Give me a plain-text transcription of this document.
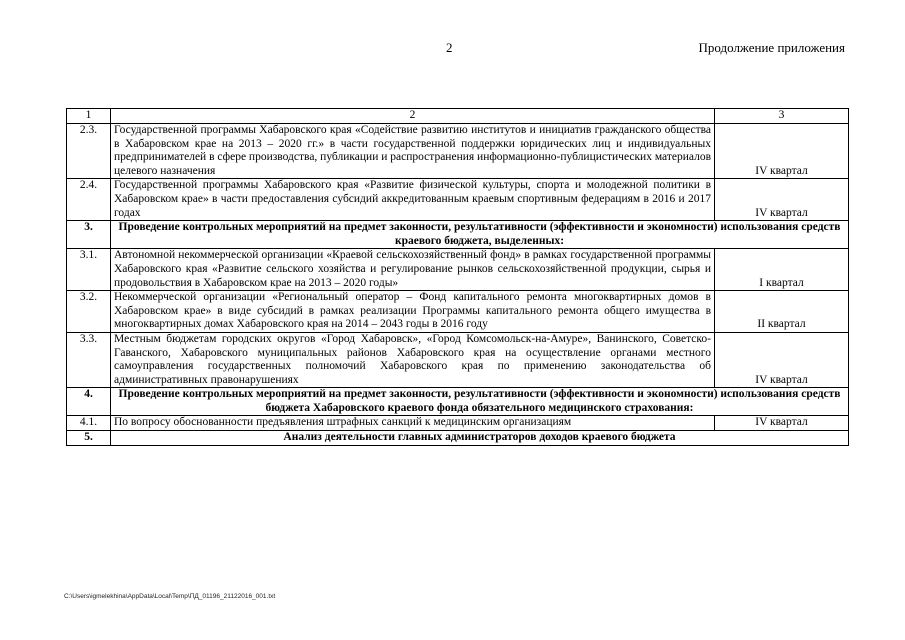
2	Продолжение приложения
1	2	3
2.3.	Государственной программы Хабаровского края «Содействие развитию институтов и инициатив гражданского общества в Хабаровском крае на 2013 – 2020 гг.» в части государственной поддержки юридических лиц и индивидуальных предпринимателей в сфере производства, публикации и распространения информационно-публицистических материалов целевого назначения	IV квартал
2.4.	Государственной программы Хабаровского края «Развитие физической культуры, спорта и молодежной политики в Хабаровском крае» в части предоставления субсидий аккредитованным краевым спортивным федерациям в 2016 и 2017 годах	IV квартал
3.	Проведение контрольных мероприятий на предмет законности, результативности (эффективности и экономности) использования средств краевого бюджета, выделенных:	
3.1.	Автономной некоммерческой организации «Краевой сельскохозяйственный фонд» в рамках государственной программы Хабаровского края «Развитие сельского хозяйства и регулирование рынков сельскохозяйственной продукции, сырья и продовольствия в Хабаровском крае на 2013 – 2020 годы»	I квартал
3.2.	Некоммерческой организации «Региональный оператор – Фонд капитального ремонта многоквартирных домов в Хабаровском крае» в виде субсидий в рамках реализации Программы капитального ремонта общего имущества в многоквартирных домах Хабаровского края на 2014 – 2043 годы в 2016 году	II квартал
3.3.	Местным бюджетам городских округов «Город Хабаровск», «Город Комсомольск-на-Амуре», Ванинского, Советско-Гаванского, Хабаровского муниципальных районов Хабаровского края на осуществление органами местного самоуправления государственных полномочий Хабаровского края по применению законодательства об административных правонарушениях	IV квартал
4.	Проведение контрольных мероприятий на предмет законности, результативности (эффективности и экономности) использования средств бюджета Хабаровского краевого фонда обязательного медицинского страхования:	
4.1.	По вопросу обоснованности предъявления штрафных санкций к медицинским организациям	IV квартал
5.	Анализ деятельности главных администраторов доходов краевого бюджета	
C:\Users\igmelekhina\AppData\Local\Temp\ПД_01196_21122016_001.txt
